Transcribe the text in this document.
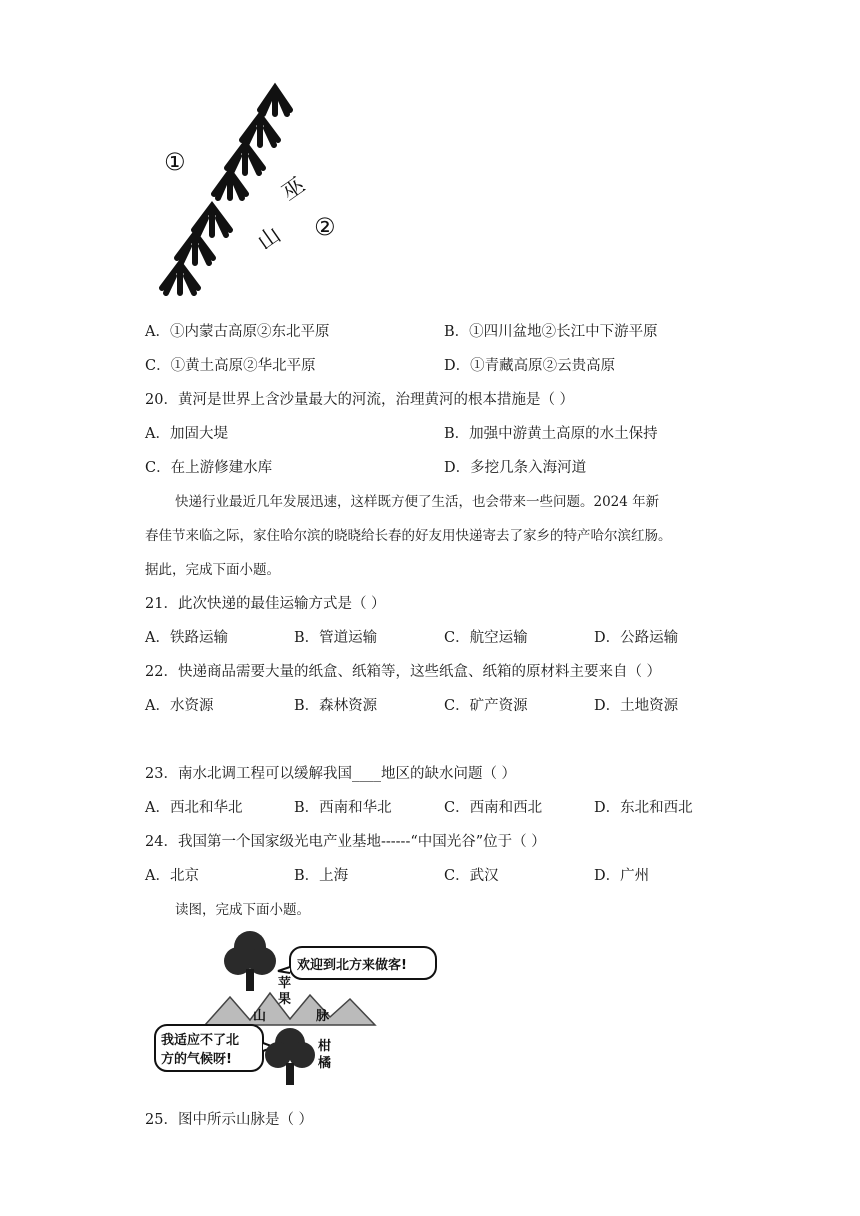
①
②
巫
山
A．①内蒙古高原②东北平原	B．①四川盆地②长江中下游平原
C．①黄土高原②华北平原	D．①青藏高原②云贵高原
20．黄河是世界上含沙量最大的河流，治理黄河的根本措施是（ ）
A．加固大堤	B．加强中游黄土高原的水土保持
C．在上游修建水库	D．多挖几条入海河道
快递行业最近几年发展迅速，这样既方便了生活，也会带来一些问题。2024 年新
春佳节来临之际，家住哈尔滨的晓晓给长春的好友用快递寄去了家乡的特产哈尔滨红肠。
据此，完成下面小题。
21．此次快递的最佳运输方式是（ ）
A．铁路运输	B．管道运输	C．航空运输	D．公路运输
22．快递商品需要大量的纸盒、纸箱等，这些纸盒、纸箱的原材料主要来自（ ）
A．水资源	B．森林资源	C．矿产资源	D．土地资源
23．南水北调工程可以缓解我国____地区的缺水问题（ ）
A．西北和华北	B．西南和华北	C．西南和西北	D．东北和西北
24．我国第一个国家级光电产业基地------“中国光谷”位于（ ）
A．北京	B．上海	C．武汉	D．广州
读图，完成下面小题。
欢迎到北方来做客!
苹
果
山	脉
我适应不了北
方的气候呀!
柑
橘
25．图中所示山脉是（ ）
